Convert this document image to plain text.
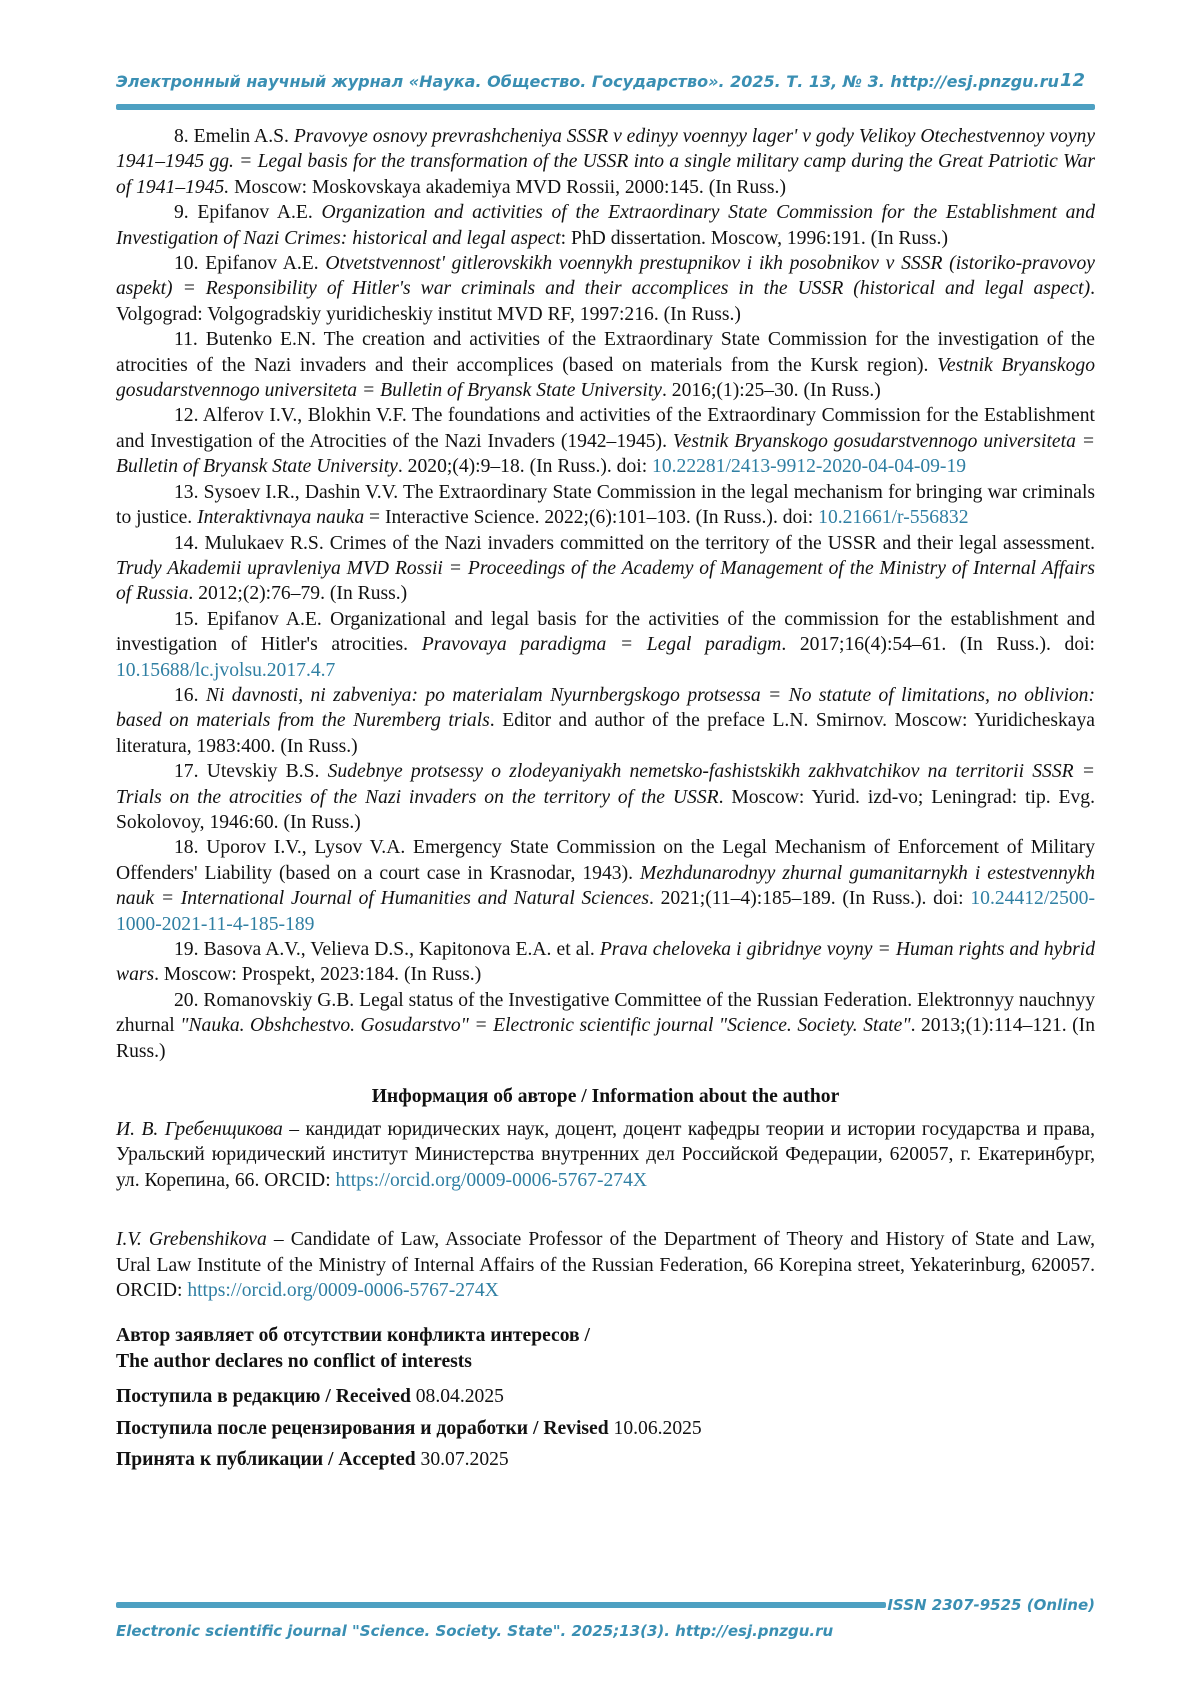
Электронный научный журнал «Наука. Общество. Государство». 2025. Т. 13, № 3. http://esj.pnzgu.ru 12

8. Emelin A.S. Pravovye osnovy prevrashcheniya SSSR v edinyy voennyy lager' v gody Velikoy Otechestvennoy voyny 1941–1945 gg. = Legal basis for the transformation of the USSR into a single military camp during the Great Patriotic War of 1941–1945. Moscow: Moskovskaya akademiya MVD Rossii, 2000:145. (In Russ.)

9. Epifanov A.E. Organization and activities of the Extraordinary State Commission for the Establishment and Investigation of Nazi Crimes: historical and legal aspect: PhD dissertation. Moscow, 1996:191. (In Russ.)

10. Epifanov A.E. Otvetstvennost' gitlerovskikh voennykh prestupnikov i ikh posobnikov v SSSR (istoriko-pravovoy aspekt) = Responsibility of Hitler's war criminals and their accomplices in the USSR (historical and legal aspect). Volgograd: Volgogradskiy yuridicheskiy institut MVD RF, 1997:216. (In Russ.)

11. Butenko E.N. The creation and activities of the Extraordinary State Commission for the investigation of the atrocities of the Nazi invaders and their accomplices (based on materials from the Kursk region). Vestnik Bryanskogo gosudarstvennogo universiteta = Bulletin of Bryansk State University. 2016;(1):25–30. (In Russ.)

12. Alferov I.V., Blokhin V.F. The foundations and activities of the Extraordinary Commission for the Establishment and Investigation of the Atrocities of the Nazi Invaders (1942–1945). Vestnik Bryanskogo gosudarstvennogo universiteta = Bulletin of Bryansk State University. 2020;(4):9–18. (In Russ.). doi: 10.22281/2413-9912-2020-04-04-09-19

13. Sysoev I.R., Dashin V.V. The Extraordinary State Commission in the legal mechanism for bringing war criminals to justice. Interaktivnaya nauka = Interactive Science. 2022;(6):101–103. (In Russ.). doi: 10.21661/r-556832

14. Mulukaev R.S. Crimes of the Nazi invaders committed on the territory of the USSR and their legal assessment. Trudy Akademii upravleniya MVD Rossii = Proceedings of the Academy of Management of the Ministry of Internal Affairs of Russia. 2012;(2):76–79. (In Russ.)

15. Epifanov A.E. Organizational and legal basis for the activities of the commission for the establishment and investigation of Hitler's atrocities. Pravovaya paradigma = Legal paradigm. 2017;16(4):54–61. (In Russ.). doi: 10.15688/lc.jvolsu.2017.4.7

16. Ni davnosti, ni zabveniya: po materialam Nyurnbergskogo protsessa = No statute of limitations, no oblivion: based on materials from the Nuremberg trials. Editor and author of the preface L.N. Smirnov. Moscow: Yuridicheskaya literatura, 1983:400. (In Russ.)

17. Utevskiy B.S. Sudebnye protsessy o zlodeyaniyakh nemetsko-fashistskikh zakhvatchikov na territorii SSSR = Trials on the atrocities of the Nazi invaders on the territory of the USSR. Moscow: Yurid. izd-vo; Leningrad: tip. Evg. Sokolovoy, 1946:60. (In Russ.)

18. Uporov I.V., Lysov V.A. Emergency State Commission on the Legal Mechanism of Enforcement of Military Offenders' Liability (based on a court case in Krasnodar, 1943). Mezhdunarodnyy zhurnal gumanitarnykh i estestvennykh nauk = International Journal of Humanities and Natural Sciences. 2021;(11–4):185–189. (In Russ.). doi: 10.24412/2500-1000-2021-11-4-185-189

19. Basova A.V., Velieva D.S., Kapitonova E.A. et al. Prava cheloveka i gibridnye voyny = Human rights and hybrid wars. Moscow: Prospekt, 2023:184. (In Russ.)

20. Romanovskiy G.B. Legal status of the Investigative Committee of the Russian Federation. Elektronnyy nauchnyy zhurnal "Nauka. Obshchestvo. Gosudarstvo" = Electronic scientific journal "Science. Society. State". 2013;(1):114–121. (In Russ.)

Информация об авторе / Information about the author

И. В. Гребенщикова – кандидат юридических наук, доцент, доцент кафедры теории и истории государства и права, Уральский юридический институт Министерства внутренних дел Российской Федерации, 620057, г. Екатеринбург, ул. Корепина, 66. ORCID: https://orcid.org/0009-0006-5767-274X

I.V. Grebenshikova – Candidate of Law, Associate Professor of the Department of Theory and History of State and Law, Ural Law Institute of the Ministry of Internal Affairs of the Russian Federation, 66 Korepina street, Yekaterinburg, 620057. ORCID: https://orcid.org/0009-0006-5767-274X

Автор заявляет об отсутствии конфликта интересов /
The author declares no conflict of interests

Поступила в редакцию / Received 08.04.2025

Поступила после рецензирования и доработки / Revised 10.06.2025

Принята к публикации / Accepted 30.07.2025

ISSN 2307-9525 (Online)
Electronic scientific journal "Science. Society. State". 2025;13(3). http://esj.pnzgu.ru
